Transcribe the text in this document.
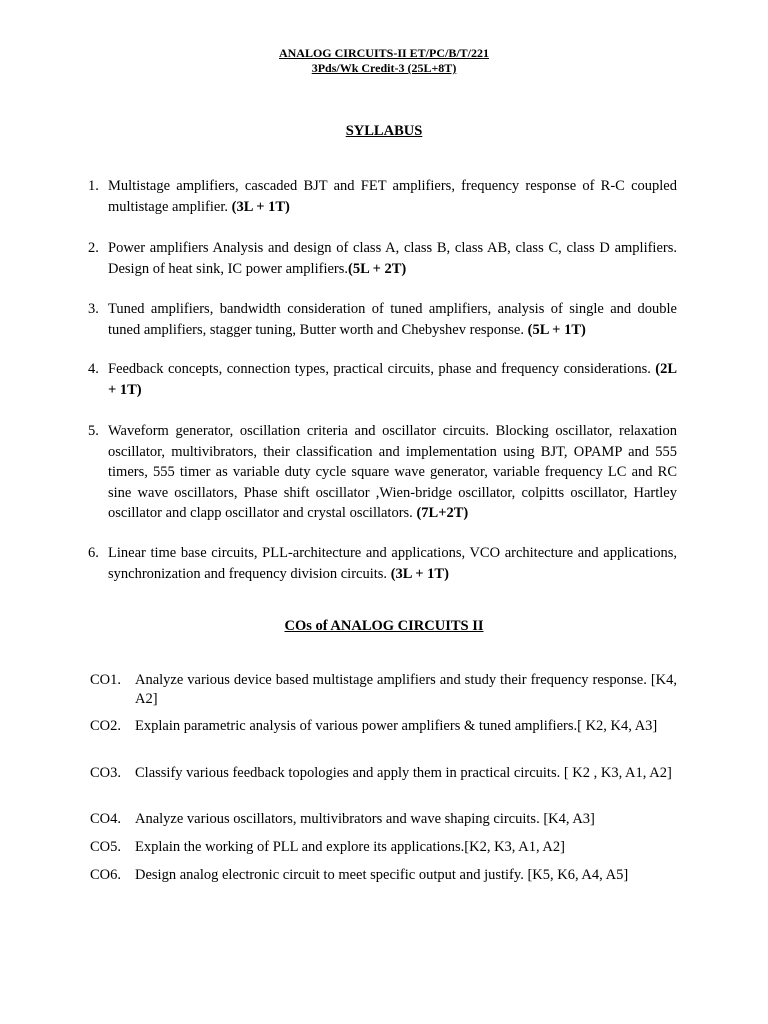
ANALOG CIRCUITS-II ET/PC/B/T/221
3Pds/Wk Credit-3 (25L+8T)
SYLLABUS
1. Multistage amplifiers, cascaded BJT and FET amplifiers, frequency response of R-C coupled multistage amplifier. (3L + 1T)
2. Power amplifiers Analysis and design of class A, class B, class AB, class C, class D amplifiers. Design of heat sink, IC power amplifiers.(5L + 2T)
3. Tuned amplifiers, bandwidth consideration of tuned amplifiers, analysis of single and double tuned amplifiers, stagger tuning, Butter worth and Chebyshev response. (5L + 1T)
4. Feedback concepts, connection types, practical circuits, phase and frequency considerations. (2L + 1T)
5. Waveform generator, oscillation criteria and oscillator circuits. Blocking oscillator, relaxation oscillator, multivibrators, their classification and implementation using BJT, OPAMP and 555 timers, 555 timer as variable duty cycle square wave generator, variable frequency LC and RC sine wave oscillators, Phase shift oscillator ,Wien-bridge oscillator, colpitts oscillator, Hartley oscillator and clapp oscillator and crystal oscillators. (7L+2T)
6. Linear time base circuits, PLL-architecture and applications, VCO architecture and applications, synchronization and frequency division circuits. (3L + 1T)
COs of ANALOG CIRCUITS II
CO1. Analyze various device based multistage amplifiers and study their frequency response. [K4, A2]
CO2. Explain parametric analysis of various power amplifiers & tuned amplifiers.[ K2, K4, A3]
CO3. Classify various feedback topologies and apply them in practical circuits. [ K2 , K3, A1, A2]
CO4. Analyze various oscillators, multivibrators and wave shaping circuits. [K4, A3]
CO5. Explain the working of PLL and explore its applications.[K2, K3, A1, A2]
CO6. Design analog electronic circuit to meet specific output and justify. [K5, K6, A4, A5]
